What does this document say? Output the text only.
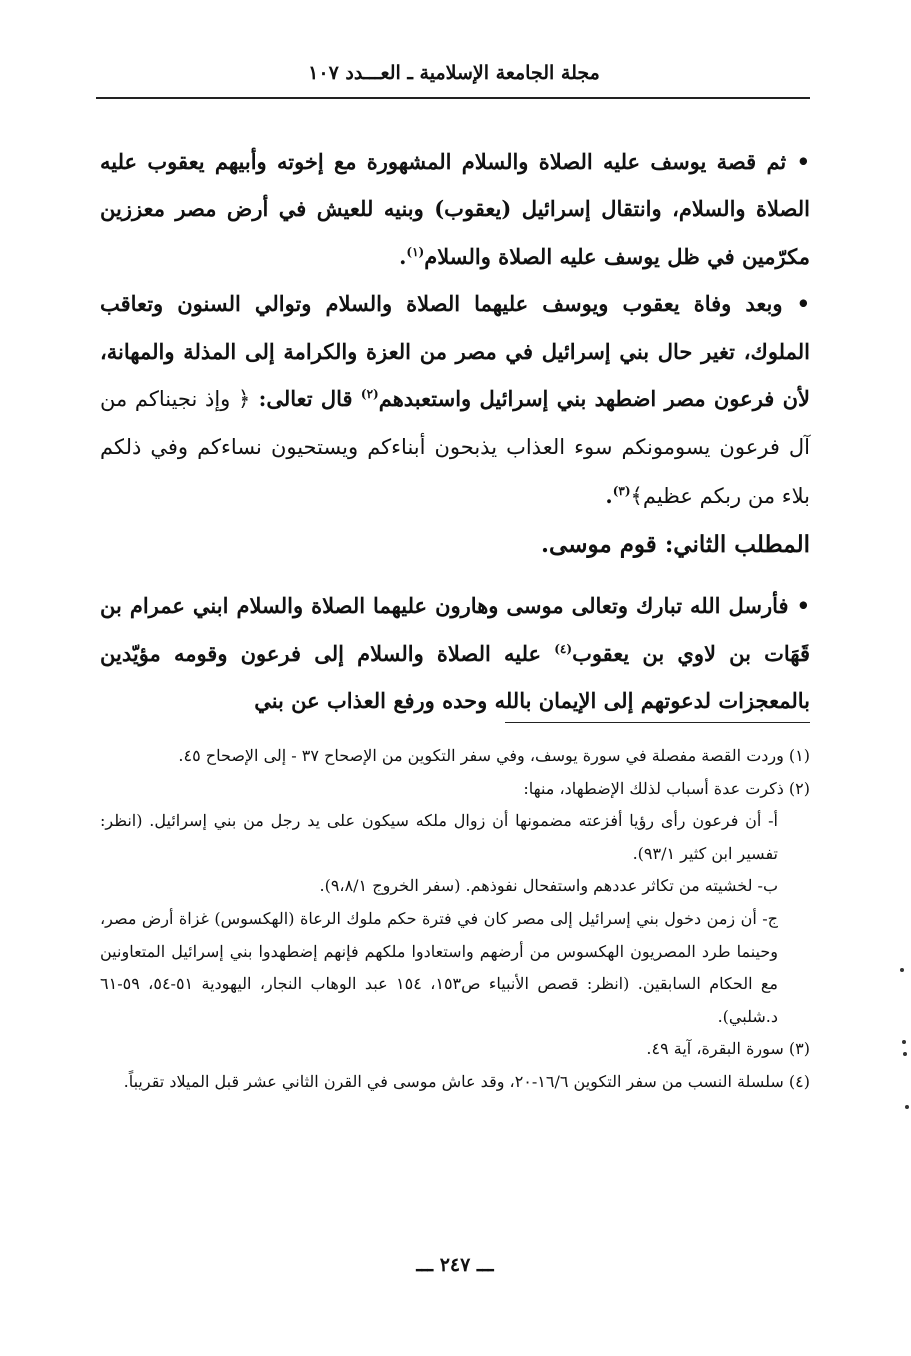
مجلة الجامعة الإسلامية ـ العـــدد ١٠٧

• ثم قصة يوسف عليه الصلاة والسلام المشهورة مع إخوته وأبيهم يعقوب عليه الصلاة والسلام، وانتقال إسرائيل (يعقوب) وبنيه للعيش في أرض مصر معززين مكرّمين في ظل يوسف عليه الصلاة والسلام$^{(١)}$.

• وبعد وفاة يعقوب ويوسف عليهما الصلاة والسلام وتوالي السنون وتعاقب الملوك، تغير حال بني إسرائيل في مصر من العزة والكرامة إلى المذلة والمهانة، لأن فرعون مصر اضطهد بني إسرائيل واستعبدهم$^{(٢)}$ قال تعالى: ﴿ وإذ نجيناكم من آل فرعون يسومونكم سوء العذاب يذبحون أبناءكم ويستحيون نساءكم وفي ذلكم بلاء من ربكم عظيم﴾$^{(٣)}$.

المطلب الثاني: قوم موسى.

• فأرسل الله تبارك وتعالى موسى وهارون عليهما الصلاة والسلام ابني عمرام بن قَهَات بن لاوي بن يعقوب$^{(٤)}$ عليه الصلاة والسلام إلى فرعون وقومه مؤيّدين بالمعجزات لدعوتهم إلى الإيمان بالله وحده ورفع العذاب عن بني

(١) وردت القصة مفصلة في سورة يوسف، وفي سفر التكوين من الإصحاح ٣٧ - إلى الإصحاح ٤٥.

(٢) ذكرت عدة أسباب لذلك الإضطهاد، منها:

أ- أن فرعون رأى رؤيا أفزعته مضمونها أن زوال ملكه سيكون على يد رجل من بني إسرائيل. (انظر: تفسير ابن كثير ٩٣/١).

ب- لخشيته من تكاثر عددهم واستفحال نفوذهم. (سفر الخروج ٩،٨/١).

ج- أن زمن دخول بني إسرائيل إلى مصر كان في فترة حكم ملوك الرعاة (الهكسوس) غزاة أرض مصر، وحينما طرد المصريون الهكسوس من أرضهم واستعادوا ملكهم فإنهم إضطهدوا بني إسرائيل المتعاونين مع الحكام السابقين. (انظر: قصص الأنبياء ص١٥٣، ١٥٤ عبد الوهاب النجار، اليهودية ٥١-٥٤، ٥٩-٦١ د.شلبي).

(٣) سورة البقرة، آية ٤٩.

(٤) سلسلة النسب من سفر التكوين ١٦/٦-٢٠، وقد عاش موسى في القرن الثاني عشر قبل الميلاد تقريباً.

ـــ ٢٤٧ ـــ
